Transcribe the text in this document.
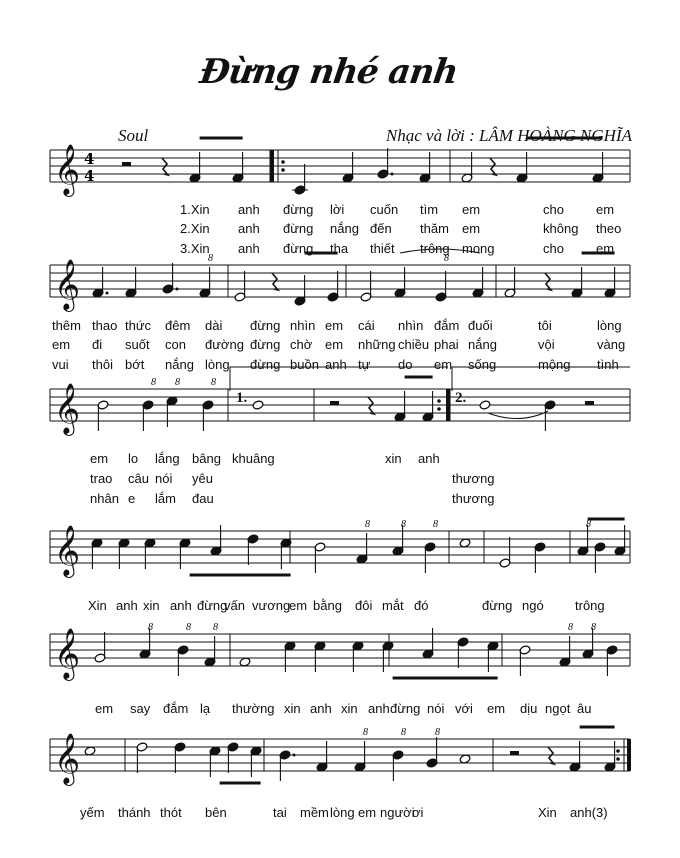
Đừng nhé anh
Soul	Nhạc và lời : LÂM HOÀNG NGHĨA
𝄞
𝄞
𝄞
𝄞
𝄞
𝄞
4
4
8	8
8 8	8
8	8	8	8
8	8 8	8 8
8	8	8
1.Xin anh đừng lời cuốn tìm em	cho em
2.Xin anh đừng nắng đến thăm em	không theo
3.Xin anh đừng tha thiết trông mong	cho em
thêm thao thức đêm dài đừng nhìn em cái nhìn đắm đuối	tôi	lòng
em đi suốt con đường đừng chờ em những chiều phai nắng	vội	vàng
vui thôi bớt nắng lòng đừng buồn anh tự do em sống	mộng tình
em lo lắng bâng khuâng	xin anh
trao câu nói yêu	thương
nhân e lắm đau	thương
Xin anh xin anh đừng
vấn vương
em bằng đôi mắt đó	đừng ngó trông
em say đắm lạ thường xin anh xin anh đừng nói với em dịu ngọt âu
yếm thánh thót bên	tai mềm lòng em người
ơi	Xin anh(3)
1.	2.
